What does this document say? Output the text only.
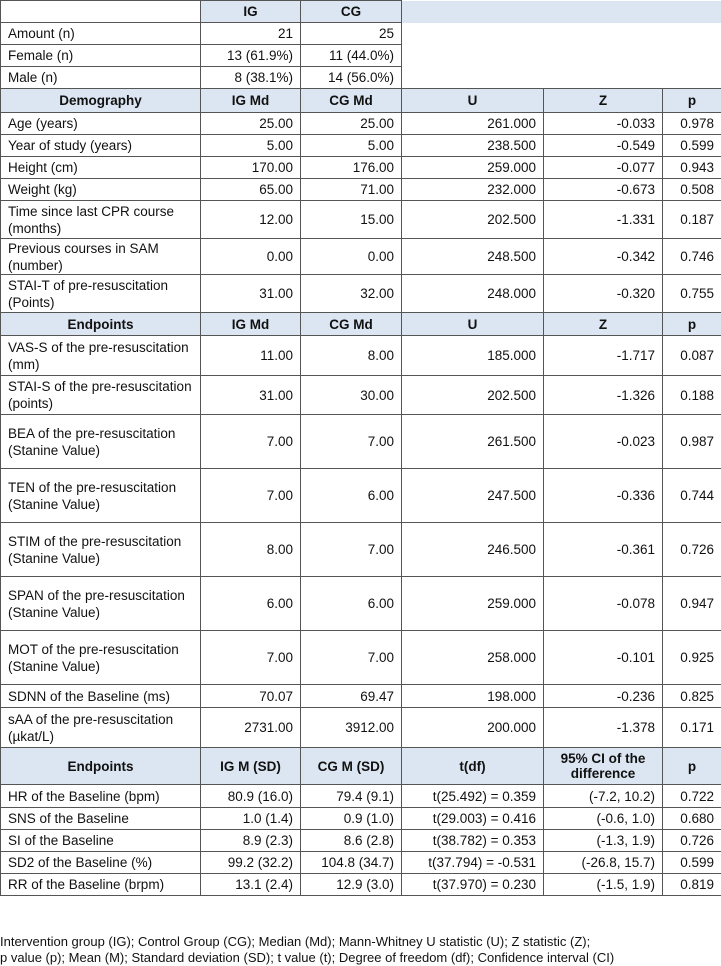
	IG	CG			
Amount (n)	21	25			
Female (n)	13 (61.9%)	11 (44.0%)			
Male (n)	8 (38.1%)	14 (56.0%)			
Demography	IG Md	CG Md	U	Z	p
Age (years)	25.00	25.00	261.000	-0.033	0.978
Year of study (years)	5.00	5.00	238.500	-0.549	0.599
Height (cm)	170.00	176.00	259.000	-0.077	0.943
Weight (kg)	65.00	71.00	232.000	-0.673	0.508
Time since last CPR course (months)	12.00	15.00	202.500	-1.331	0.187
Previous courses in SAM (number)	0.00	0.00	248.500	-0.342	0.746
STAI-T of pre-resuscitation (Points)	31.00	32.00	248.000	-0.320	0.755
Endpoints	IG Md	CG Md	U	Z	p
VAS-S of the pre-resuscitation (mm)	11.00	8.00	185.000	-1.717	0.087
STAI-S of the pre-resuscitation (points)	31.00	30.00	202.500	-1.326	0.188
BEA of the pre-resuscitation (Stanine Value)	7.00	7.00	261.500	-0.023	0.987
TEN of the pre-resuscitation (Stanine Value)	7.00	6.00	247.500	-0.336	0.744
STIM of the pre-resuscitation (Stanine Value)	8.00	7.00	246.500	-0.361	0.726
SPAN of the pre-resuscitation (Stanine Value)	6.00	6.00	259.000	-0.078	0.947
MOT of the pre-resuscitation (Stanine Value)	7.00	7.00	258.000	-0.101	0.925
SDNN of the Baseline (ms)	70.07	69.47	198.000	-0.236	0.825
sAA of the pre-resuscitation (µkat/L)	2731.00	3912.00	200.000	-1.378	0.171
Endpoints	IG M (SD)	CG M (SD)	t(df)	95% CI of the difference	p
HR of the Baseline (bpm)	80.9 (16.0)	79.4 (9.1)	t(25.492) = 0.359	(-7.2, 10.2)	0.722
SNS of the Baseline	1.0 (1.4)	0.9 (1.0)	t(29.003) = 0.416	(-0.6, 1.0)	0.680
SI of the Baseline	8.9 (2.3)	8.6 (2.8)	t(38.782) = 0.353	(-1.3, 1.9)	0.726
SD2 of the Baseline (%)	99.2 (32.2)	104.8 (34.7)	t(37.794) = -0.531	(-26.8, 15.7)	0.599
RR of the Baseline (brpm)	13.1 (2.4)	12.9 (3.0)	t(37.970) = 0.230	(-1.5, 1.9)	0.819
Intervention group (IG); Control Group (CG); Median (Md); Mann-Whitney U statistic (U); Z statistic (Z);
p value (p); Mean (M); Standard deviation (SD); t value (t); Degree of freedom (df); Confidence interval (CI)
